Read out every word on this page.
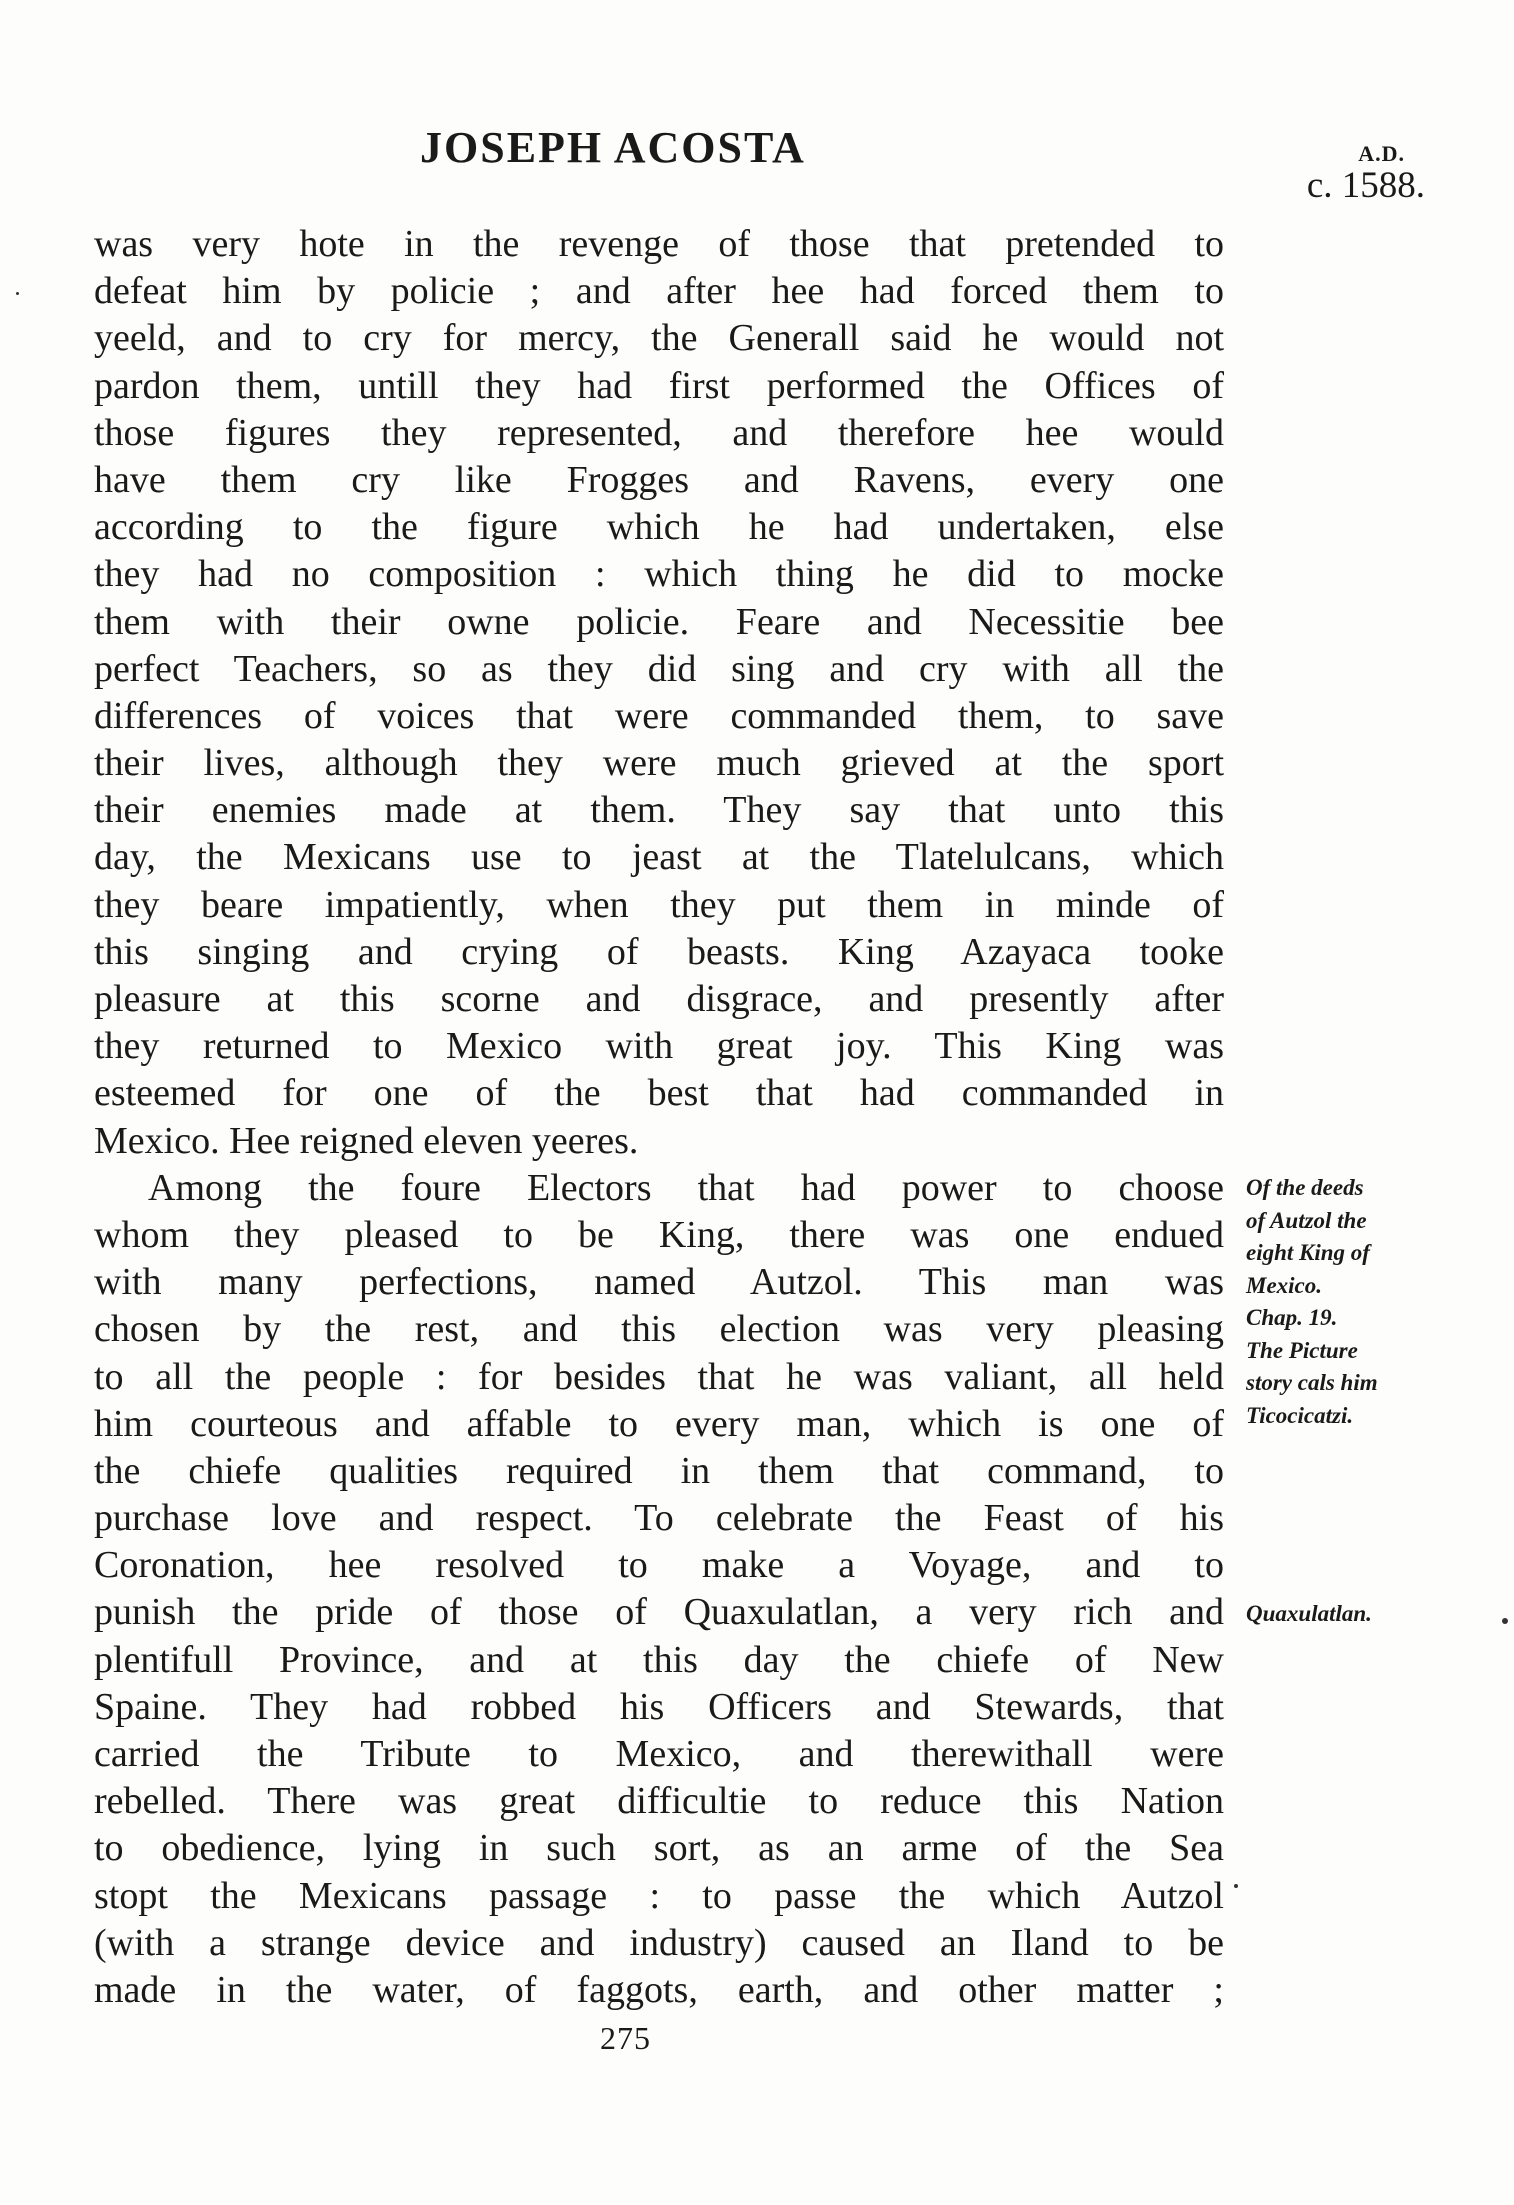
JOSEPH ACOSTA	A.D.
c. 1588.
was very hote in the revenge of those that pretended to
defeat him by policie ; and after hee had forced them to
yeeld, and to cry for mercy, the Generall said he would not
pardon them, untill they had first performed the Offices of
those figures they represented, and therefore hee would
have them cry like Frogges and Ravens, every one
according to the figure which he had undertaken, else
they had no composition : which thing he did to mocke
them with their owne policie. Feare and Necessitie bee
perfect Teachers, so as they did sing and cry with all the
differences of voices that were commanded them, to save
their lives, although they were much grieved at the sport
their enemies made at them. They say that unto this
day, the Mexicans use to jeast at the Tlatelulcans, which
they beare impatiently, when they put them in minde of
this singing and crying of beasts. King Azayaca tooke
pleasure at this scorne and disgrace, and presently after
they returned to Mexico with great joy. This King was
esteemed for one of the best that had commanded in
Mexico. Hee reigned eleven yeeres.
Among the foure Electors that had power to choose
whom they pleased to be King, there was one endued
with many perfections, named Autzol. This man was
chosen by the rest, and this election was very pleasing
to all the people : for besides that he was valiant, all held
him courteous and affable to every man, which is one of
the chiefe qualities required in them that command, to
purchase love and respect. To celebrate the Feast of his
Coronation, hee resolved to make a Voyage, and to
punish the pride of those of Quaxulatlan, a very rich and
plentifull Province, and at this day the chiefe of New
Spaine. They had robbed his Officers and Stewards, that
carried the Tribute to Mexico, and therewithall were
rebelled. There was great difficultie to reduce this Nation
to obedience, lying in such sort, as an arme of the Sea
stopt the Mexicans passage : to passe the which Autzol
(with a strange device and industry) caused an Iland to be
made in the water, of faggots, earth, and other matter ;
Of the deeds
of Autzol the
eight King of
Mexico.
Chap. 19.
The Picture
story cals him
Ticocicatzi.
Quaxulatlan.
275
